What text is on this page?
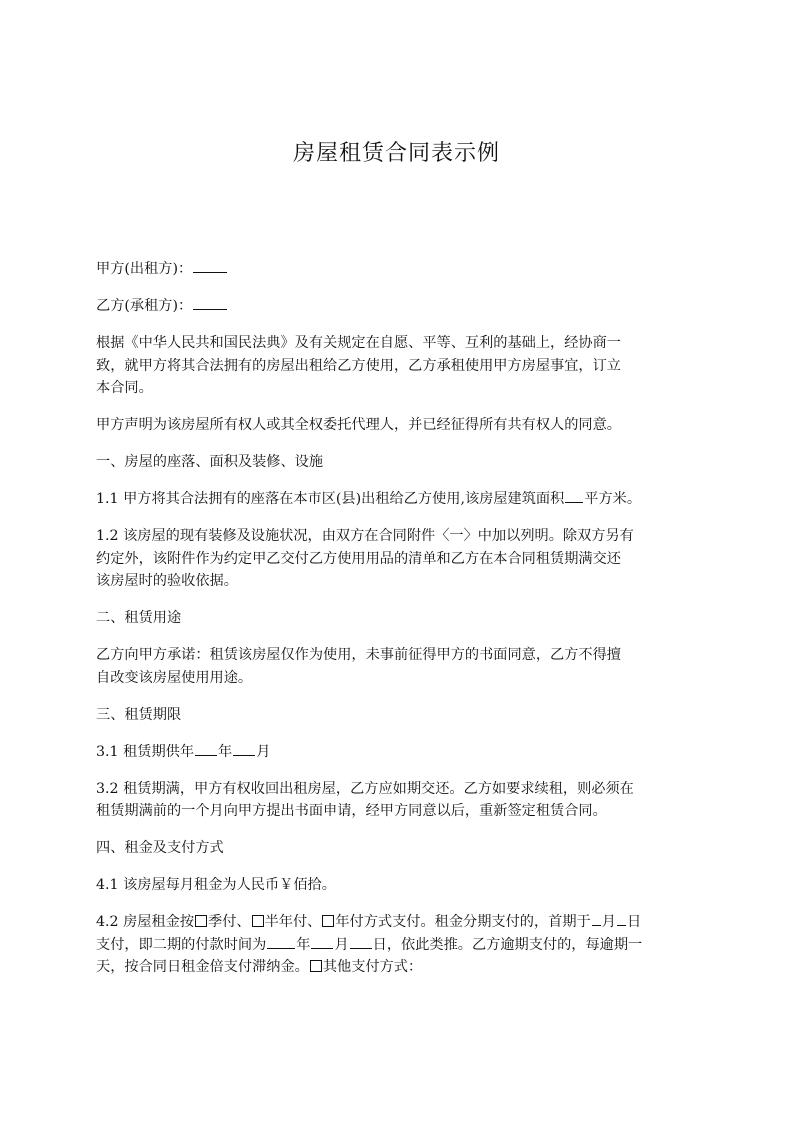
房屋租赁合同表示例

甲方(出租方)：

乙方(承租方)：

根据《中华人民共和国民法典》及有关规定在自愿、平等、互利的基础上，经协商一
致，就甲方将其合法拥有的房屋出租给乙方使用，乙方承租使用甲方房屋事宜，订立
本合同。

甲方声明为该房屋所有权人或其全权委托代理人，并已经征得所有共有权人的同意。

一、房屋的座落、面积及装修、设施

1.1 甲方将其合法拥有的座落在本市区(县)出租给乙方使用,该房屋建筑面积 平方米。

1.2 该房屋的现有装修及设施状况，由双方在合同附件〈一〉中加以列明。除双方另有
约定外，该附件作为约定甲乙交付乙方使用用品的清单和乙方在本合同租赁期满交还
该房屋时的验收依据。

二、租赁用途

乙方向甲方承诺：租赁该房屋仅作为使用，未事前征得甲方的书面同意，乙方不得擅
自改变该房屋使用用途。

三、租赁期限

3.1 租赁期供年 年 月

3.2 租赁期满，甲方有权收回出租房屋，乙方应如期交还。乙方如要求续租，则必须在
租赁期满前的一个月向甲方提出书面申请，经甲方同意以后，重新签定租赁合同。

四、租金及支付方式

4.1 该房屋每月租金为人民币￥佰拾。

4.2 房屋租金按 季付、 半年付、 年付方式支付。租金分期支付的，首期于 月 日
支付，即二期的付款时间为 年 月 日，依此类推。乙方逾期支付的，每逾期一
天，按合同日租金倍支付滞纳金。 其他支付方式：
